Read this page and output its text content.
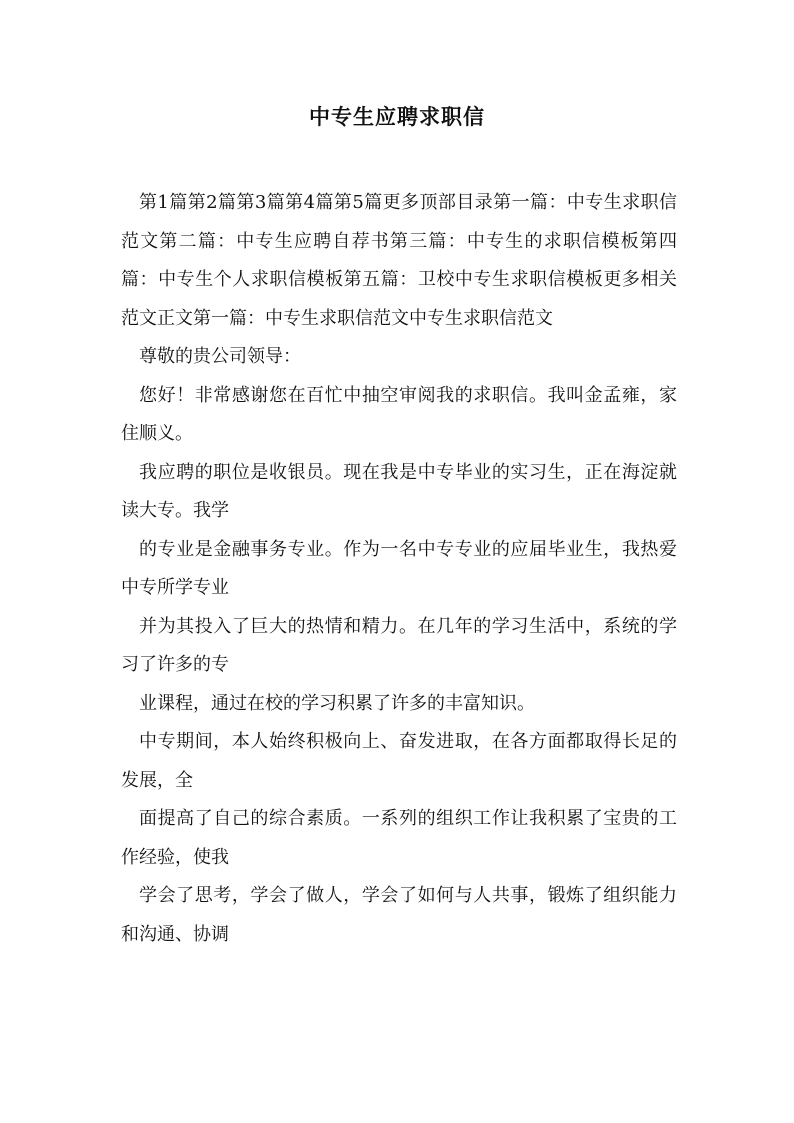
中专生应聘求职信

第1篇第2篇第3篇第4篇第5篇更多顶部目录第一篇：中专生求职信范文第二篇：中专生应聘自荐书第三篇：中专生的求职信模板第四篇：中专生个人求职信模板第五篇：卫校中专生求职信模板更多相关范文正文第一篇：中专生求职信范文中专生求职信范文

尊敬的贵公司领导：

您好！非常感谢您在百忙中抽空审阅我的求职信。我叫金孟雍，家住顺义。

我应聘的职位是收银员。现在我是中专毕业的实习生，正在海淀就读大专。我学

的专业是金融事务专业。作为一名中专专业的应届毕业生，我热爱中专所学专业

并为其投入了巨大的热情和精力。在几年的学习生活中，系统的学习了许多的专

业课程，通过在校的学习积累了许多的丰富知识。

中专期间，本人始终积极向上、奋发进取，在各方面都取得长足的发展，全

面提高了自己的综合素质。一系列的组织工作让我积累了宝贵的工作经验，使我

学会了思考，学会了做人，学会了如何与人共事，锻炼了组织能力和沟通、协调
